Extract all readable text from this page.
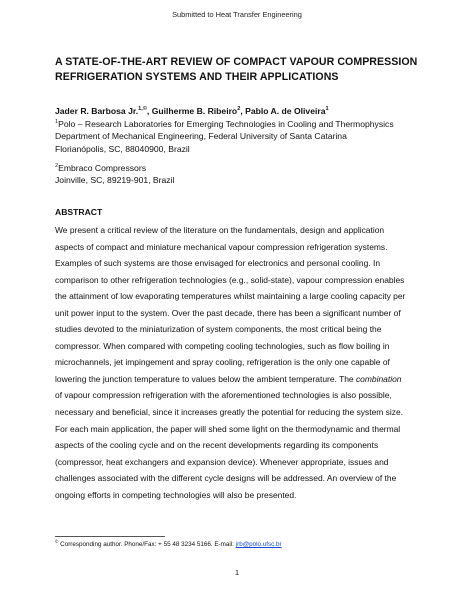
Submitted to Heat Transfer Engineering
A STATE-OF-THE-ART REVIEW OF COMPACT VAPOUR COMPRESSION
REFRIGERATION SYSTEMS AND THEIR APPLICATIONS
Jader R. Barbosa Jr.$^{1,©}$, Guilherme B. Ribeiro$^2$, Pablo A. de Oliveira$^1$
$^1$Polo – Research Laboratories for Emerging Technologies in Cooling and Thermophysics
Department of Mechanical Engineering, Federal University of Santa Catarina
Florianópolis, SC, 88040900, Brazil
$^2$Embraco Compressors
Joinville, SC, 89219-901, Brazil
ABSTRACT
We present a critical review of the literature on the fundamentals, design and application
aspects of compact and miniature mechanical vapour compression refrigeration systems.
Examples of such systems are those envisaged for electronics and personal cooling. In
comparison to other refrigeration technologies (e.g., solid-state), vapour compression enables
the attainment of low evaporating temperatures whilst maintaining a large cooling capacity per
unit power input to the system. Over the past decade, there has been a significant number of
studies devoted to the miniaturization of system components, the most critical being the
compressor. When compared with competing cooling technologies, such as flow boiling in
microchannels, jet impingement and spray cooling, refrigeration is the only one capable of
lowering the junction temperature to values below the ambient temperature. The combination
of vapour compression refrigeration with the aforementioned technologies is also possible,
necessary and beneficial, since it increases greatly the potential for reducing the system size.
For each main application, the paper will shed some light on the thermodynamic and thermal
aspects of the cooling cycle and on the recent developments regarding its components
(compressor, heat exchangers and expansion device). Whenever appropriate, issues and
challenges associated with the different cycle designs will be addressed. An overview of the
ongoing efforts in competing technologies will also be presented.
© Corresponding author. Phone/Fax: + 55 48 3234 5166. E-mail: jrb@polo.ufsc.br
1
